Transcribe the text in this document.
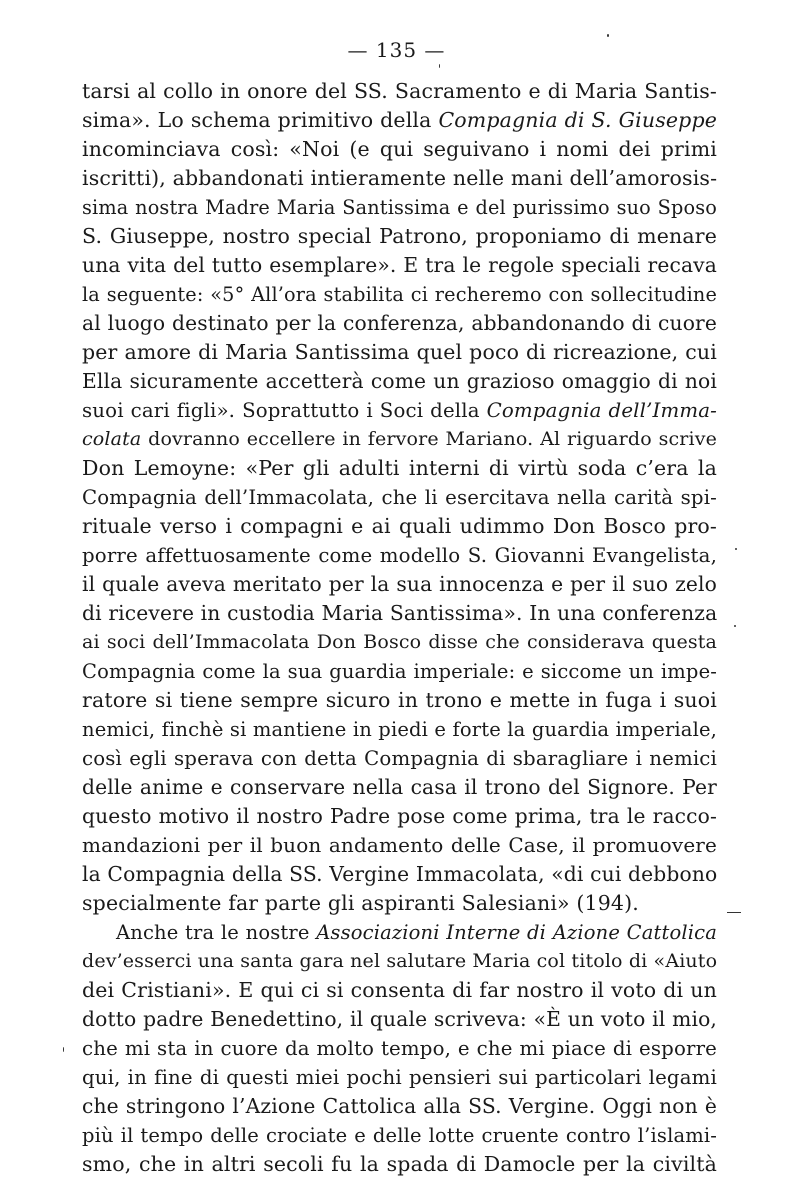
— 135 —
tarsi al collo in onore del SS. Sacramento e di Maria Santis-
sima». Lo schema primitivo della Compagnia di S. Giuseppe
incominciava così: «Noi (e qui seguivano i nomi dei primi
iscritti), abbandonati intieramente nelle mani dell’amorosis-
sima nostra Madre Maria Santissima e del purissimo suo Sposo
S. Giuseppe, nostro special Patrono, proponiamo di menare
una vita del tutto esemplare». E tra le regole speciali recava
la seguente: «5° All’ora stabilita ci recheremo con sollecitudine
al luogo destinato per la conferenza, abbandonando di cuore
per amore di Maria Santissima quel poco di ricreazione, cui
Ella sicuramente accetterà come un grazioso omaggio di noi
suoi cari figli». Soprattutto i Soci della Compagnia dell’Imma-
colata dovranno eccellere in fervore Mariano. Al riguardo scrive
Don Lemoyne: «Per gli adulti interni di virtù soda c’era la
Compagnia dell’Immacolata, che li esercitava nella carità spi-
rituale verso i compagni e ai quali udimmo Don Bosco pro-
porre affettuosamente come modello S. Giovanni Evangelista,
il quale aveva meritato per la sua innocenza e per il suo zelo
di ricevere in custodia Maria Santissima». In una conferenza
ai soci dell’Immacolata Don Bosco disse che considerava questa
Compagnia come la sua guardia imperiale: e siccome un impe-
ratore si tiene sempre sicuro in trono e mette in fuga i suoi
nemici, finchè si mantiene in piedi e forte la guardia imperiale,
così egli sperava con detta Compagnia di sbaragliare i nemici
delle anime e conservare nella casa il trono del Signore. Per
questo motivo il nostro Padre pose come prima, tra le racco-
mandazioni per il buon andamento delle Case, il promuovere
la Compagnia della SS. Vergine Immacolata, «di cui debbono
specialmente far parte gli aspiranti Salesiani» (194).
Anche tra le nostre Associazioni Interne di Azione Cattolica
dev’esserci una santa gara nel salutare Maria col titolo di «Aiuto
dei Cristiani». E qui ci si consenta di far nostro il voto di un
dotto padre Benedettino, il quale scriveva: «È un voto il mio,
che mi sta in cuore da molto tempo, e che mi piace di esporre
qui, in fine di questi miei pochi pensieri sui particolari legami
che stringono l’Azione Cattolica alla SS. Vergine. Oggi non è
più il tempo delle crociate e delle lotte cruente contro l’islami-
smo, che in altri secoli fu la spada di Damocle per la civiltà
